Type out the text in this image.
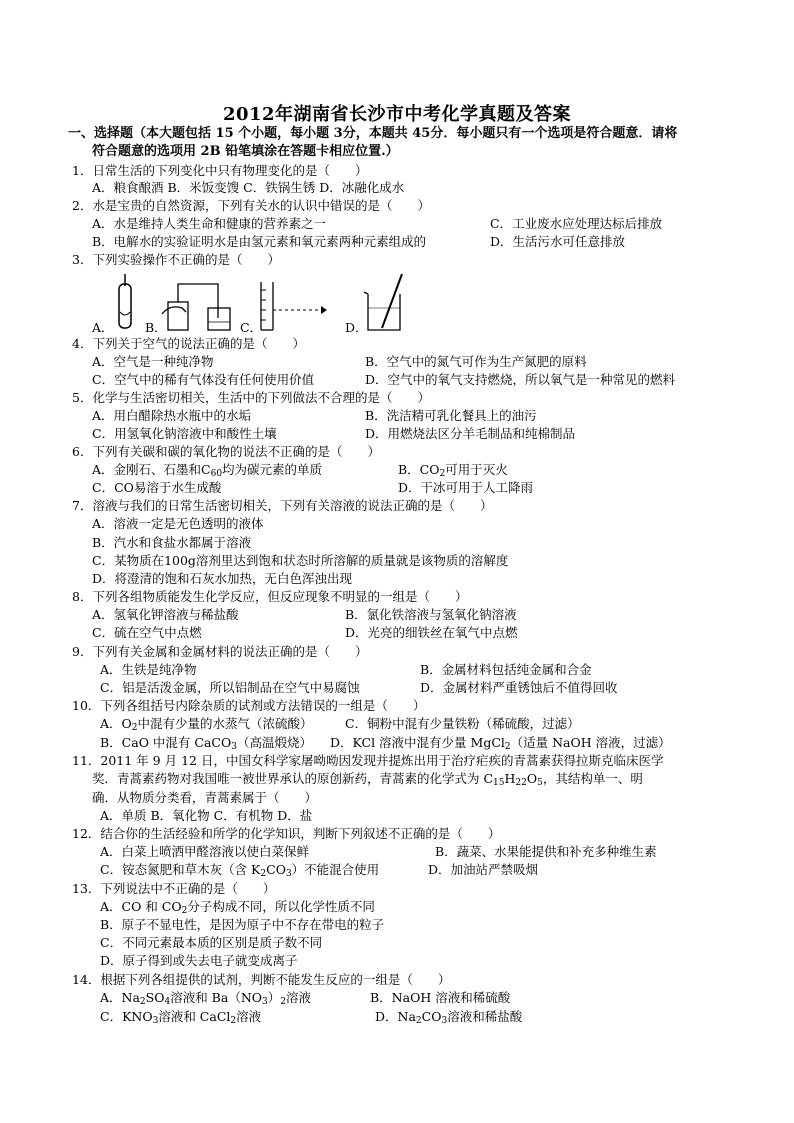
2012年湖南省长沙市中考化学真题及答案
一、选择题（本大题包括 15 个小题，每小题 3分，本题共 45分．每小题只有一个选项是符合题意．请将
符合题意的选项用 2B 铅笔填涂在答题卡相应位置.）
1．日常生活的下列变化中只有物理变化的是（　　）
A．粮食酿酒 B．米饭变馊 C．铁锅生锈 D．冰融化成水
2．水是宝贵的自然资源，下列有关水的认识中错误的是（　　）
A．水是维持人类生命和健康的营养素之一	C．工业废水应处理达标后排放
B．电解水的实验证明水是由氢元素和氧元素两种元素组成的	D．生活污水可任意排放
3．下列实验操作不正确的是（　　）
A．	B．	C．	D．
4．下列关于空气的说法正确的是（　　）
A．空气是一种纯净物	B．空气中的氮气可作为生产氮肥的原料
C．空气中的稀有气体没有任何使用价值	D．空气中的氧气支持燃烧，所以氧气是一种常见的燃料
5．化学与生活密切相关，生活中的下列做法不合理的是（　　）
A．用白醋除热水瓶中的水垢	B．洗洁精可乳化餐具上的油污
C．用氢氧化钠溶液中和酸性土壤	D．用燃烧法区分羊毛制品和纯棉制品
6．下列有关碳和碳的氧化物的说法不正确的是（　　）
A．金刚石、石墨和$C_{60}$均为碳元素的单质	B．$CO_2$可用于灭火
C．CO易溶于水生成酸	D．干冰可用于人工降雨
7．溶液与我们的日常生活密切相关，下列有关溶液的说法正确的是（　　）
A．溶液一定是无色透明的液体
B．汽水和食盐水都属于溶液
C．某物质在100g溶剂里达到饱和状态时所溶解的质量就是该物质的溶解度
D．将澄清的饱和石灰水加热，无白色浑浊出现
8．下列各组物质能发生化学反应，但反应现象不明显的一组是（　　）
A．氢氧化钾溶液与稀盐酸	B．氯化铁溶液与氢氧化钠溶液
C．硫在空气中点燃	D．光亮的细铁丝在氧气中点燃
9．下列有关金属和金属材料的说法正确的是（　　）
A．生铁是纯净物	B．金属材料包括纯金属和合金
C．铝是活泼金属，所以铝制品在空气中易腐蚀	D．金属材料严重锈蚀后不值得回收
10．下列各组括号内除杂质的试剂或方法错误的一组是（　　）
A．$O_2$中混有少量的水蒸气（浓硫酸）	C．铜粉中混有少量铁粉（稀硫酸，过滤）
B．CaO 中混有 CaCO$_3$（高温煅烧） D．KCl 溶液中混有少量 MgCl$_2$（适量 NaOH 溶液，过滤）
11．2011 年 9 月 12 日，中国女科学家屠呦呦因发现并提炼出用于治疗疟疾的青蒿素获得拉斯克临床医学
奖．青蒿素药物对我国唯一被世界承认的原创新药，青蒿素的化学式为 $C_{15}H_{22}O_5$，其结构单一、明
确．从物质分类看，青蒿素属于（　　）
A．单质 B．氧化物 C．有机物 D．盐
12．结合你的生活经验和所学的化学知识，判断下列叙述不正确的是（　　）
A．白菜上喷洒甲醛溶液以使白菜保鲜	B．蔬菜、水果能提供和补充多种维生素
C．铵态氮肥和草木灰（含 $K_2CO_3$）不能混合使用	D．加油站严禁吸烟
13．下列说法中不正确的是（　　）
A．CO 和 $CO_2$分子构成不同，所以化学性质不同
B．原子不显电性，是因为原子中不存在带电的粒子
C．不同元素最本质的区别是质子数不同
D．原子得到或失去电子就变成离子
14．根据下列各组提供的试剂，判断不能发生反应的一组是（　　）
A．$Na_2SO_4$溶液和 $Ba(NO_3)_2$溶液	B．NaOH 溶液和稀硫酸
C．$KNO_3$溶液和 CaCl$_2$溶液	D．$Na_2CO_3$溶液和稀盐酸
